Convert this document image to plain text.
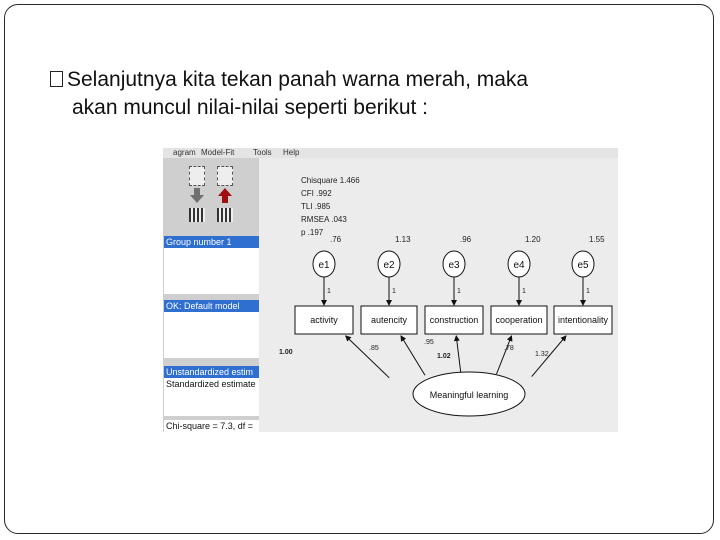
Selanjutnya kita tekan panah warna merah, maka
akan muncul nilai-nilai seperti berikut :
agram Model-Fit Tools Help
Group number 1
OK: Default model
Unstandardized estim
Standardized estimate
Chi-square = 7.3, df =
Chisquare 1.466
CFI .992
TLI .985
RMSEA .043
p .197
.76
e1
1
1.13
e2
1
.96
e3
1
1.20
e4
1
1.55
e5
1
activity	autencity	construction cooperation intentionality
1.00
.85
.95
1.02
.78
1.32
Meaningful learning
